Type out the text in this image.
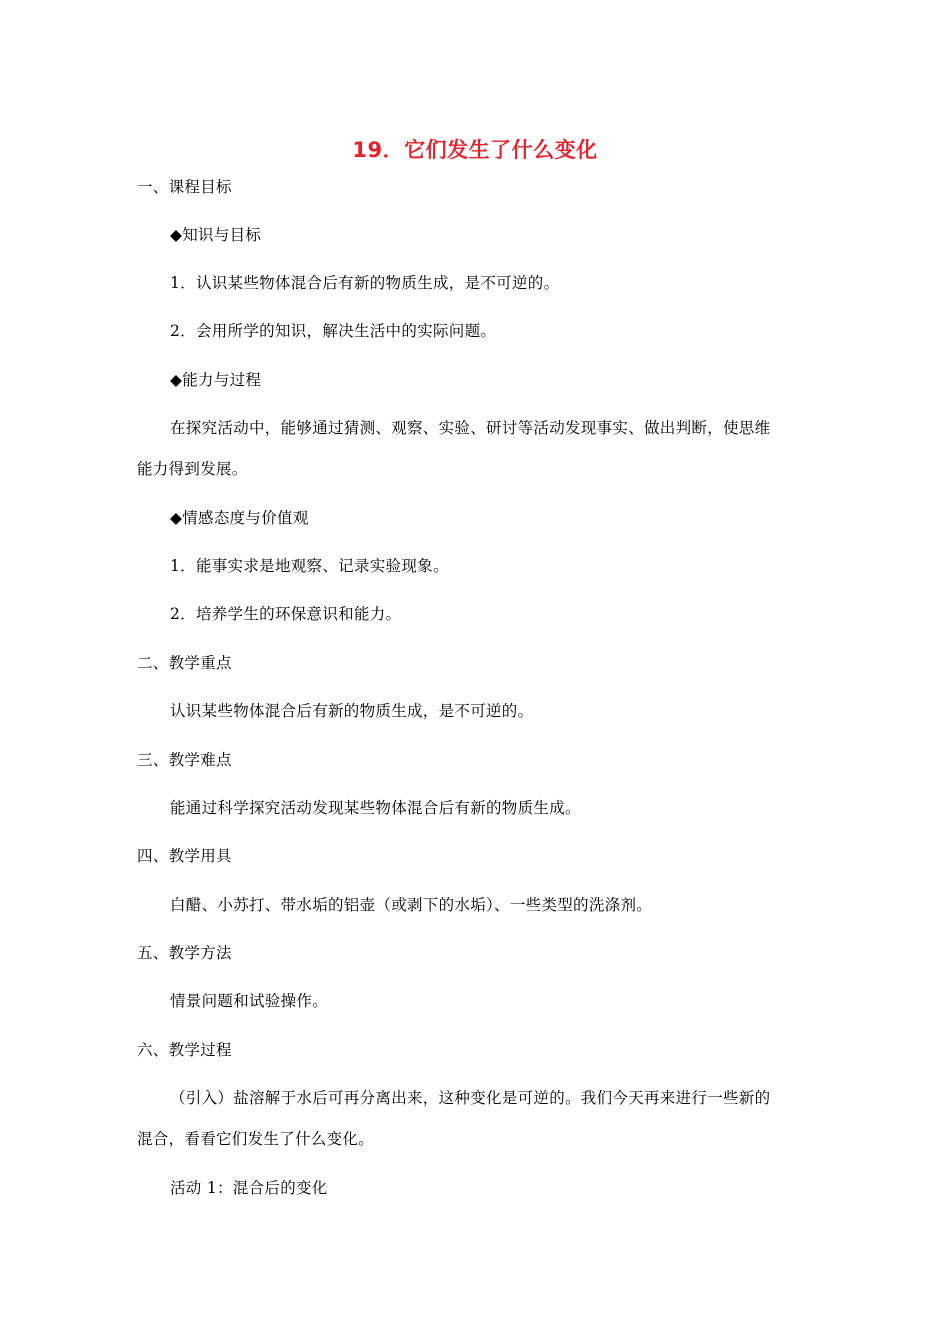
19．它们发生了什么变化
一、课程目标
◆知识与目标
1．认识某些物体混合后有新的物质生成，是不可逆的。
2．会用所学的知识，解决生活中的实际问题。
◆能力与过程
在探究活动中，能够通过猜测、观察、实验、研讨等活动发现事实、做出判断，使思维
能力得到发展。
◆情感态度与价值观
1．能事实求是地观察、记录实验现象。
2．培养学生的环保意识和能力。
二、教学重点
认识某些物体混合后有新的物质生成，是不可逆的。
三、教学难点
能通过科学探究活动发现某些物体混合后有新的物质生成。
四、教学用具
白醋、小苏打、带水垢的铝壶（或剥下的水垢）、一些类型的洗涤剂。
五、教学方法
情景问题和试验操作。
六、教学过程
（引入）盐溶解于水后可再分离出来，这种变化是可逆的。我们今天再来进行一些新的
混合，看看它们发生了什么变化。
活动 1：混合后的变化
